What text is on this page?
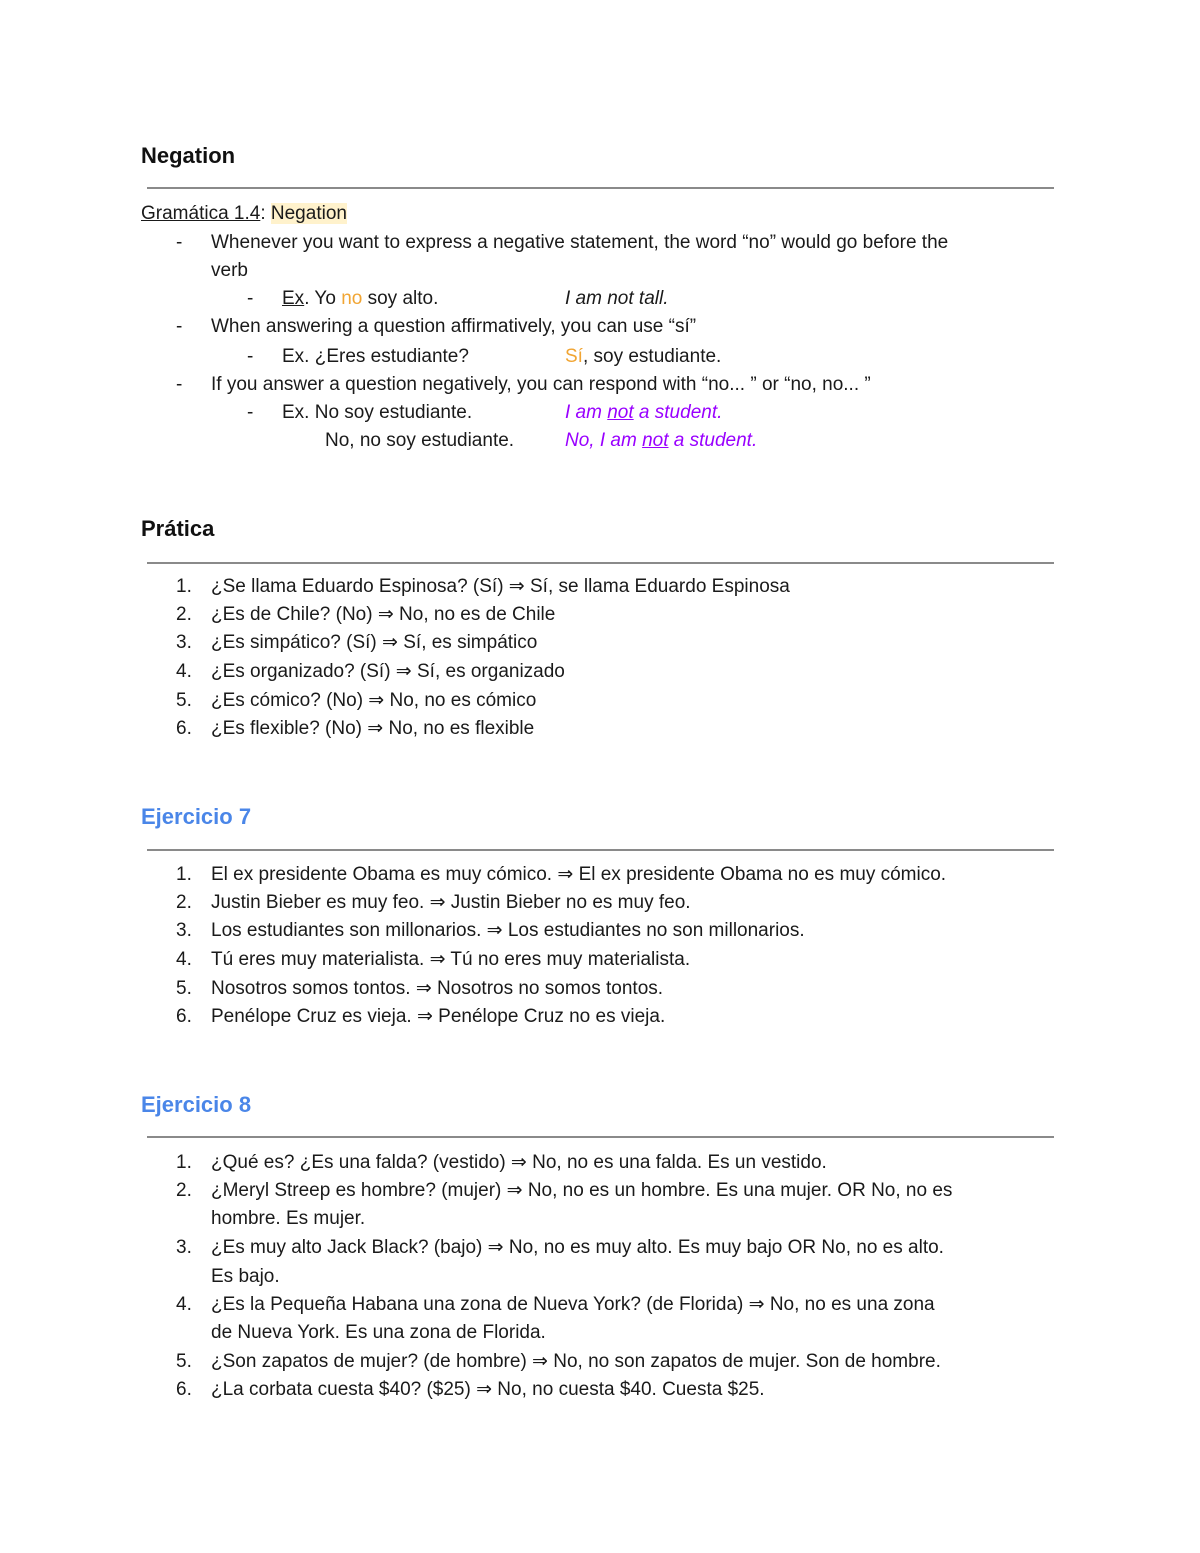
Negation
Gramática 1.4: Negation
- Whenever you want to express a negative statement, the word “no” would go before the
verb
- Ex. Yo no soy alto.	I am not tall.
- When answering a question affirmatively, you can use “sí”
- Ex. ¿Eres estudiante?	Sí, soy estudiante.
- If you answer a question negatively, you can respond with “no... ” or “no, no... ”
- Ex. No soy estudiante.	I am not a student.
No, no soy estudiante.	No, I am not a student.
Prática
1. ¿Se llama Eduardo Espinosa? (Sí) ⇒ Sí, se llama Eduardo Espinosa
2. ¿Es de Chile? (No) ⇒ No, no es de Chile
3. ¿Es simpático? (Sí) ⇒ Sí, es simpático
4. ¿Es organizado? (Sí) ⇒ Sí, es organizado
5. ¿Es cómico? (No) ⇒ No, no es cómico
6. ¿Es flexible? (No) ⇒ No, no es flexible
Ejercicio 7
1. El ex presidente Obama es muy cómico. ⇒ El ex presidente Obama no es muy cómico.
2. Justin Bieber es muy feo. ⇒ Justin Bieber no es muy feo.
3. Los estudiantes son millonarios. ⇒ Los estudiantes no son millonarios.
4. Tú eres muy materialista. ⇒ Tú no eres muy materialista.
5. Nosotros somos tontos. ⇒ Nosotros no somos tontos.
6. Penélope Cruz es vieja. ⇒ Penélope Cruz no es vieja.
Ejercicio 8
1. ¿Qué es? ¿Es una falda? (vestido) ⇒ No, no es una falda. Es un vestido.
2. ¿Meryl Streep es hombre? (mujer) ⇒ No, no es un hombre. Es una mujer. OR No, no es
hombre. Es mujer.
3. ¿Es muy alto Jack Black? (bajo) ⇒ No, no es muy alto. Es muy bajo OR No, no es alto.
Es bajo.
4. ¿Es la Pequeña Habana una zona de Nueva York? (de Florida) ⇒ No, no es una zona
de Nueva York. Es una zona de Florida.
5. ¿Son zapatos de mujer? (de hombre) ⇒ No, no son zapatos de mujer. Son de hombre.
6. ¿La corbata cuesta $40? ($25) ⇒ No, no cuesta $40. Cuesta $25.
